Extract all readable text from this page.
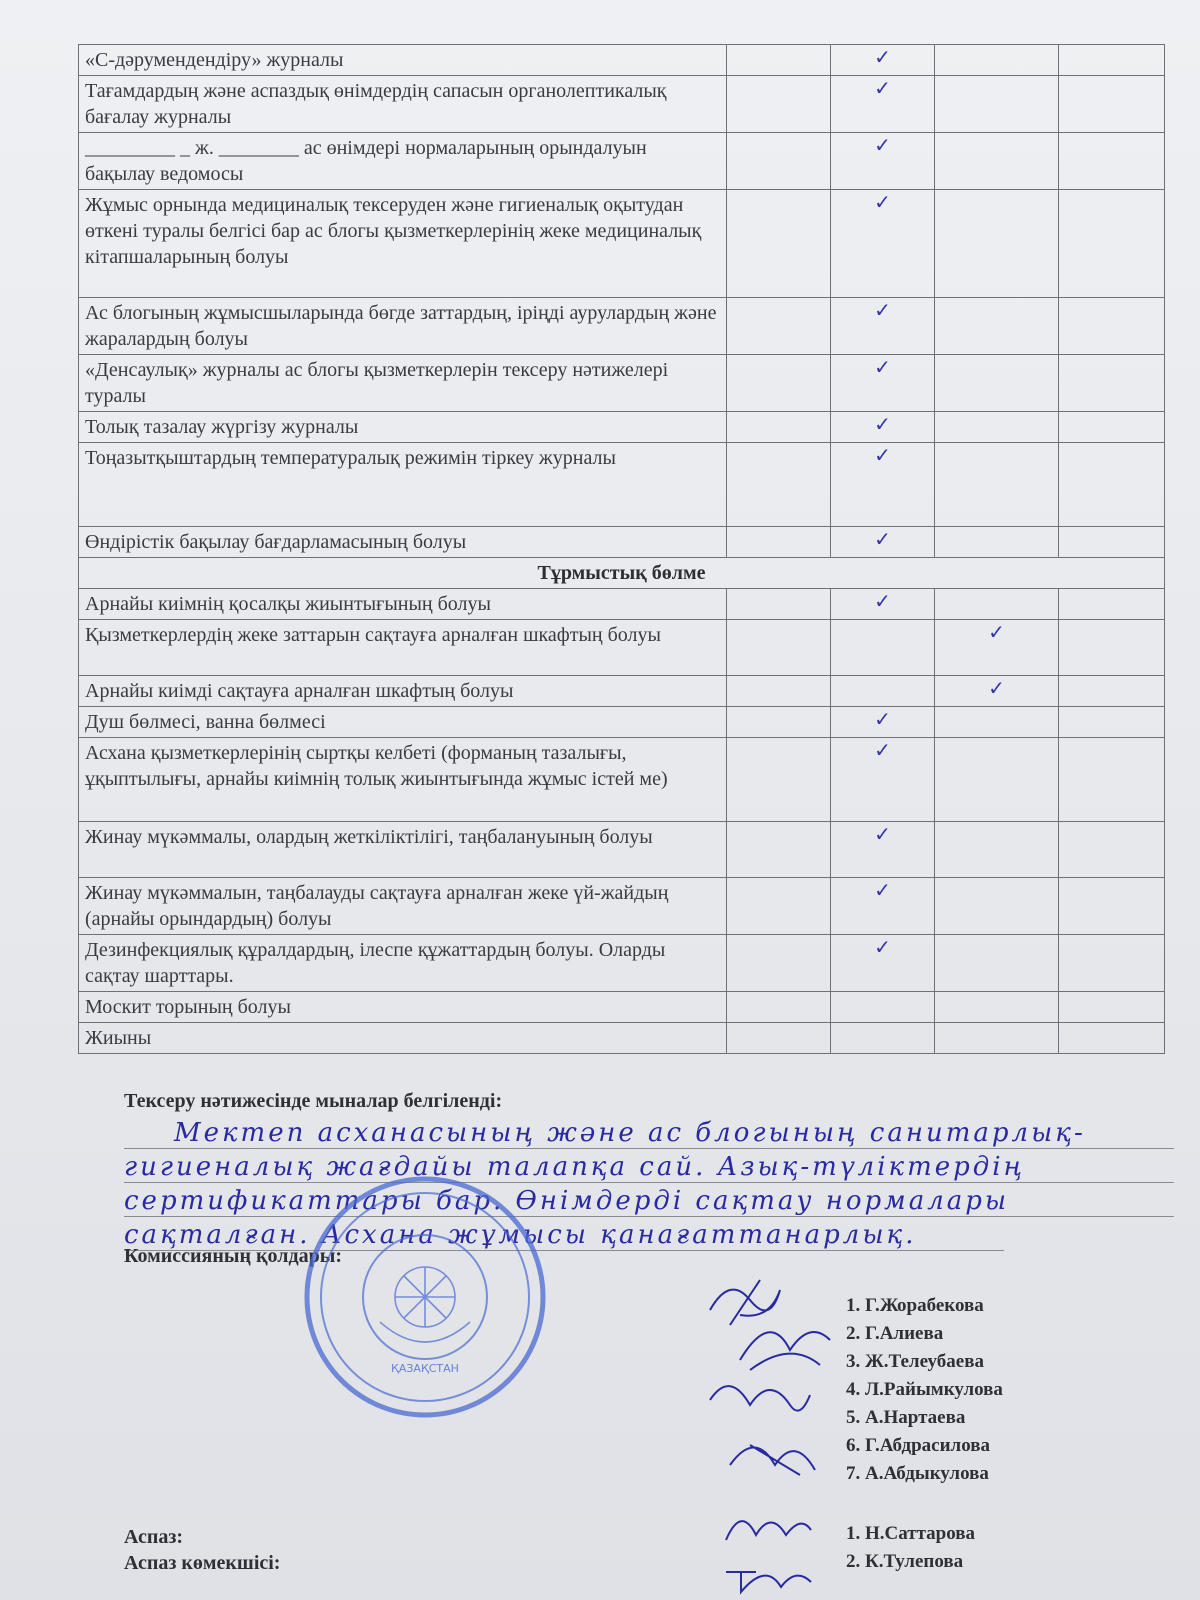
«С-дәрумендендіру» журналы		✓		
Тағамдардың және аспаздық өнімдердің сапасын органолептикалық бағалау журналы		✓		
_________ _ ж. ________ ас өнімдері нормаларының орындалуын бақылау ведомосы		✓		
Жұмыс орнында медициналық тексеруден және гигиеналық оқытудан өткені туралы белгісі бар ас блогы қызметкерлерінің жеке медициналық кітапшаларының болуы		✓		
Ас блогының жұмысшыларында бөгде заттардың, іріңді аурулардың және жаралардың болуы		✓		
«Денсаулық» журналы ас блогы қызметкерлерін тексеру нәтижелері туралы		✓		
Толық тазалау жүргізу журналы		✓		
Тоңазытқыштардың температуралық режимін тіркеу журналы		✓		
Өндірістік бақылау бағдарламасының болуы		✓		
Тұрмыстық бөлме				
Арнайы киімнің қосалқы жиынтығының болуы		✓		
Қызметкерлердің жеке заттарын сақтауға арналған шкафтың болуы			✓	
Арнайы киімді сақтауға арналған шкафтың болуы			✓	
Душ бөлмесі, ванна бөлмесі		✓		
Асхана қызметкерлерінің сыртқы келбеті (форманың тазалығы, ұқыптылығы, арнайы киімнің толық жиынтығында жұмыс істей ме)		✓		
Жинау мүкәммалы, олардың жеткіліктілігі, таңбалануының болуы		✓		
Жинау мүкәммалын, таңбалауды сақтауға арналған жеке үй-жайдың (арнайы орындардың) болуы		✓		
Дезинфекциялық құралдардың, ілеспе құжаттардың болуы. Оларды сақтау шарттары.		✓		
Москит торының болуы				
Жиыны				
Тексеру нәтижесінде мыналар белгіленді:
Мектеп асханасының және ас блогының санитарлық-
гигиеналық жағдайы талапқа сай. Азық-түліктердің
сертификаттары бар. Өнімдерді сақтау нормалары
сақталған. Асхана жұмысы қанағаттанарлық.
Комиссияның қолдары:
ҚАЗАҚСТАН
1. Г.Жорабекова
2. Г.Алиева
3. Ж.Телеубаева
4. Л.Райымкулова
5. А.Нартаева
6. Г.Абдрасилова
7. А.Абдыкулова
Аспаз:
Аспаз көмекшісі:
1. Н.Саттарова
2. К.Тулепова
